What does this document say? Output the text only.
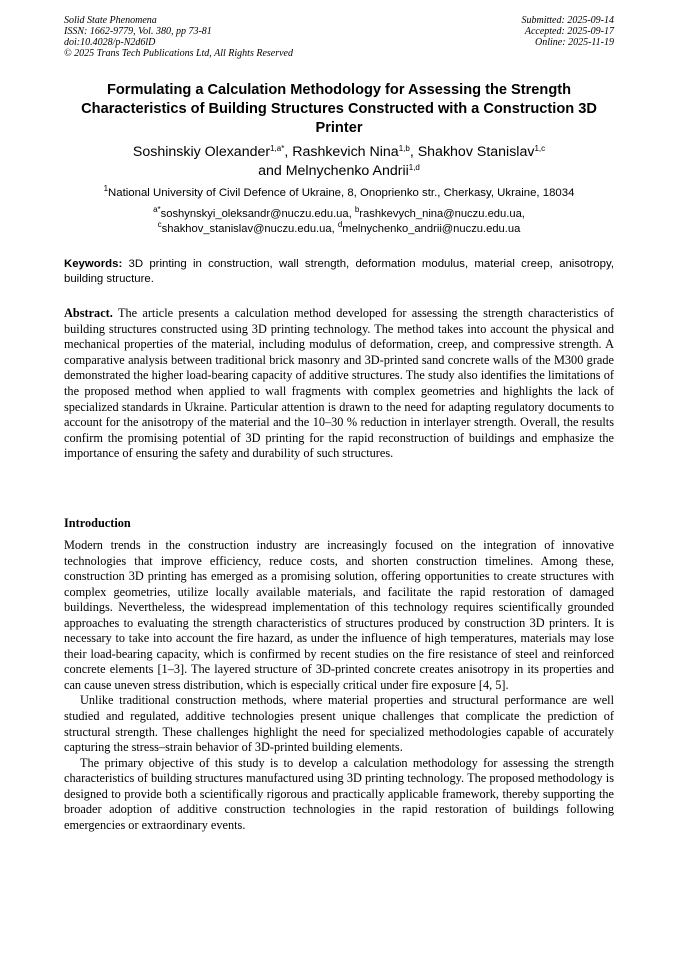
Solid State Phenomena
ISSN: 1662-9779, Vol. 380, pp 73-81
doi:10.4028/p-N2d6lD
© 2025 Trans Tech Publications Ltd, All Rights Reserved
Submitted: 2025-09-14
Accepted: 2025-09-17
Online: 2025-11-19
Formulating a Calculation Methodology for Assessing the Strength Characteristics of Building Structures Constructed with a Construction 3D Printer
Soshinskiy Olexander$^{1,a*}$, Rashkevich Nina$^{1,b}$, Shakhov Stanislav$^{1,c}$
and Melnychenko Andrii$^{1,d}$
$^1$National University of Civil Defence of Ukraine, 8, Onoprienko str., Cherkasy, Ukraine, 18034
$^{a*}$soshynskyi_oleksandr@nuczu.edu.ua, $^b$rashkevych_nina@nuczu.edu.ua,
$^c$shakhov_stanislav@nuczu.edu.ua, $^d$melnychenko_andrii@nuczu.edu.ua
Keywords: 3D printing in construction, wall strength, deformation modulus, material creep, anisotropy, building structure.
Abstract. The article presents a calculation method developed for assessing the strength characteristics of building structures constructed using 3D printing technology. The method takes into account the physical and mechanical properties of the material, including modulus of deformation, creep, and compressive strength. A comparative analysis between traditional brick masonry and 3D-printed sand concrete walls of the M300 grade demonstrated the higher load-bearing capacity of additive structures. The study also identifies the limitations of the proposed method when applied to wall fragments with complex geometries and highlights the lack of specialized standards in Ukraine. Particular attention is drawn to the need for adapting regulatory documents to account for the anisotropy of the material and the 10–30 % reduction in interlayer strength. Overall, the results confirm the promising potential of 3D printing for the rapid reconstruction of buildings and emphasize the importance of ensuring the safety and durability of such structures.
Introduction

Modern trends in the construction industry are increasingly focused on the integration of innovative technologies that improve efficiency, reduce costs, and shorten construction timelines. Among these, construction 3D printing has emerged as a promising solution, offering opportunities to create structures with complex geometries, utilize locally available materials, and facilitate the rapid restoration of damaged buildings. Nevertheless, the widespread implementation of this technology requires scientifically grounded approaches to evaluating the strength characteristics of structures produced by construction 3D printers. It is necessary to take into account the fire hazard, as under the influence of high temperatures, materials may lose their load-bearing capacity, which is confirmed by recent studies on the fire resistance of steel and reinforced concrete elements [1–3]. The layered structure of 3D-printed concrete creates anisotropy in its properties and can cause uneven stress distribution, which is especially critical under fire exposure [4, 5].

Unlike traditional construction methods, where material properties and structural performance are well studied and regulated, additive technologies present unique challenges that complicate the prediction of structural strength. These challenges highlight the need for specialized methodologies capable of accurately capturing the stress–strain behavior of 3D-printed building elements.

The primary objective of this study is to develop a calculation methodology for assessing the strength characteristics of building structures manufactured using 3D printing technology. The proposed methodology is designed to provide both a scientifically rigorous and practically applicable framework, thereby supporting the broader adoption of additive construction technologies in the rapid restoration of buildings following emergencies or extraordinary events.
